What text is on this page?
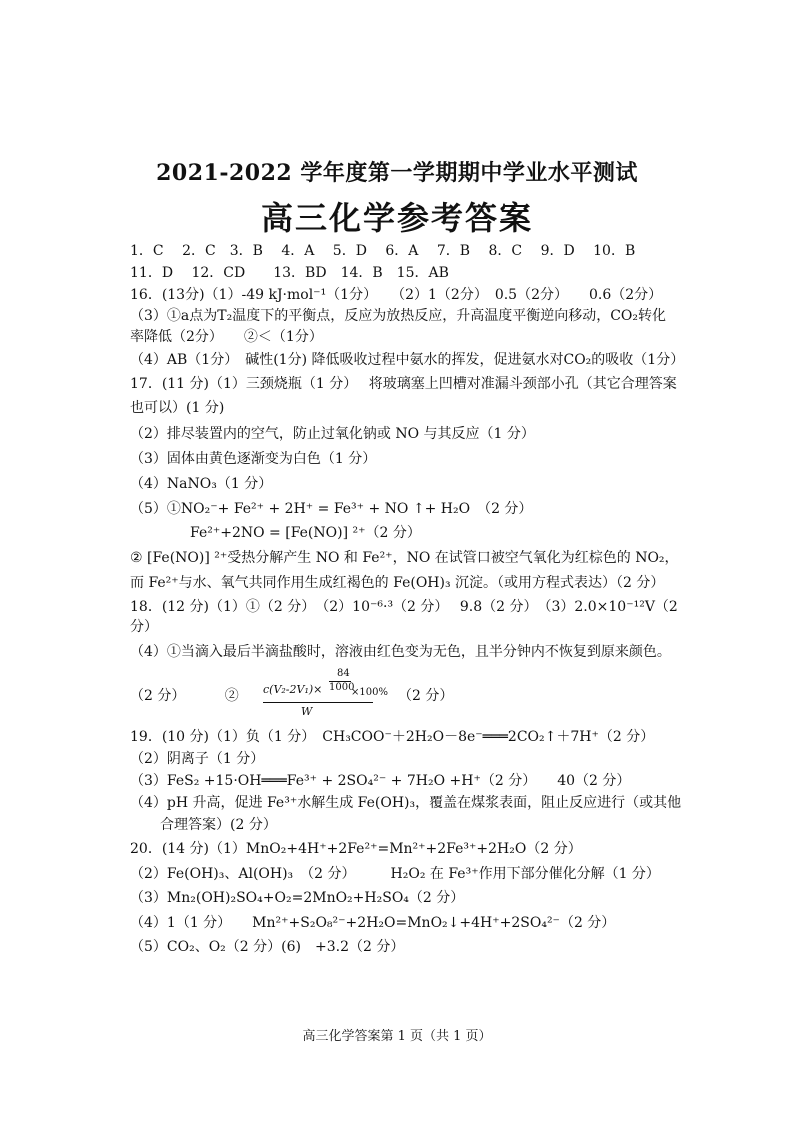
2021-2022 学年度第一学期期中学业水平测试
高三化学参考答案
1．C　 2．C　3．B　 4．A　 5．D　 6．A　 7．B　 8．C　 9．D　 10．B
11．D　 12．CD　　13．BD　14．B　15．AB
16．(13分)（1）-49 kJ·mol⁻¹（1分）　　（2）1（2分）　0.5（2分）　　0.6（2分）
（3）①a点为T₂温度下的平衡点，反应为放热反应，升高温度平衡逆向移动，CO₂转化
率降低（2分）　　②＜（1分）
（4）AB（1分）　碱性(1分) 降低吸收过程中氨水的挥发，促进氨水对CO₂的吸收（1分）
17．(11 分)（1）三颈烧瓶（1 分）　 将玻璃塞上凹槽对准漏斗颈部小孔（其它合理答案
也可以）(1 分)
（2）排尽装置内的空气，防止过氧化钠或 NO 与其反应（1 分）
（3）固体由黄色逐渐变为白色（1 分）
（4）NaNO₃（1 分）
（5）①NO₂⁻+ Fe²⁺ + 2H⁺ = Fe³⁺ + NO ↑+ H₂O　（2 分）
Fe²⁺+2NO = [Fe(NO)] ²⁺（2 分）
② [Fe(NO)] ²⁺受热分解产生 NO 和 Fe²⁺，NO 在试管口被空气氧化为红棕色的 NO₂，
而 Fe²⁺与水、氧气共同作用生成红褐色的 Fe(OH)₃ 沉淀。（或用方程式表达）（2 分）
18．(12 分)（1）①（2 分）　（2）10⁻⁶·³（2 分）　 9.8（2 分）　（3）2.0×10⁻¹²V（2
分）
（4）①当滴入最后半滴盐酸时，溶液由红色变为无色，且半分钟内不恢复到原来颜色。
（2 分）　　　 ② c(V₂-2V₁)×
84
1000
×100%
W
（2 分）
19．(10 分)（1）负（1 分）　CH₃COO⁻＋2H₂O－8e⁻═══2CO₂↑＋7H⁺（2 分）
（2）阴离子（1 分）
（3）FeS₂ +15·OH═══Fe³⁺ + 2SO₄²⁻ + 7H₂O +H⁺（2 分）　　40（2 分）
（4）pH 升高，促进 Fe³⁺水解生成 Fe(OH)₃，覆盖在煤浆表面，阻止反应进行（或其他
合理答案）(2 分）
20．(14 分)（1）MnO₂+4H⁺+2Fe²⁺=Mn²⁺+2Fe³⁺+2H₂O（2 分）
（2）Fe(OH)₃、Al(OH)₃　（2 分）　　　H₂O₂ 在 Fe³⁺作用下部分催化分解（1 分）
（3）Mn₂(OH)₂SO₄+O₂=2MnO₂+H₂SO₄（2 分）
（4）1（1 分）　　Mn²⁺+S₂O₈²⁻+2H₂O=MnO₂↓+4H⁺+2SO₄²⁻（2 分）
（5）CO₂、O₂（2 分）(6)　+3.2（2 分）
高三化学答案第 1 页（共 1 页）
